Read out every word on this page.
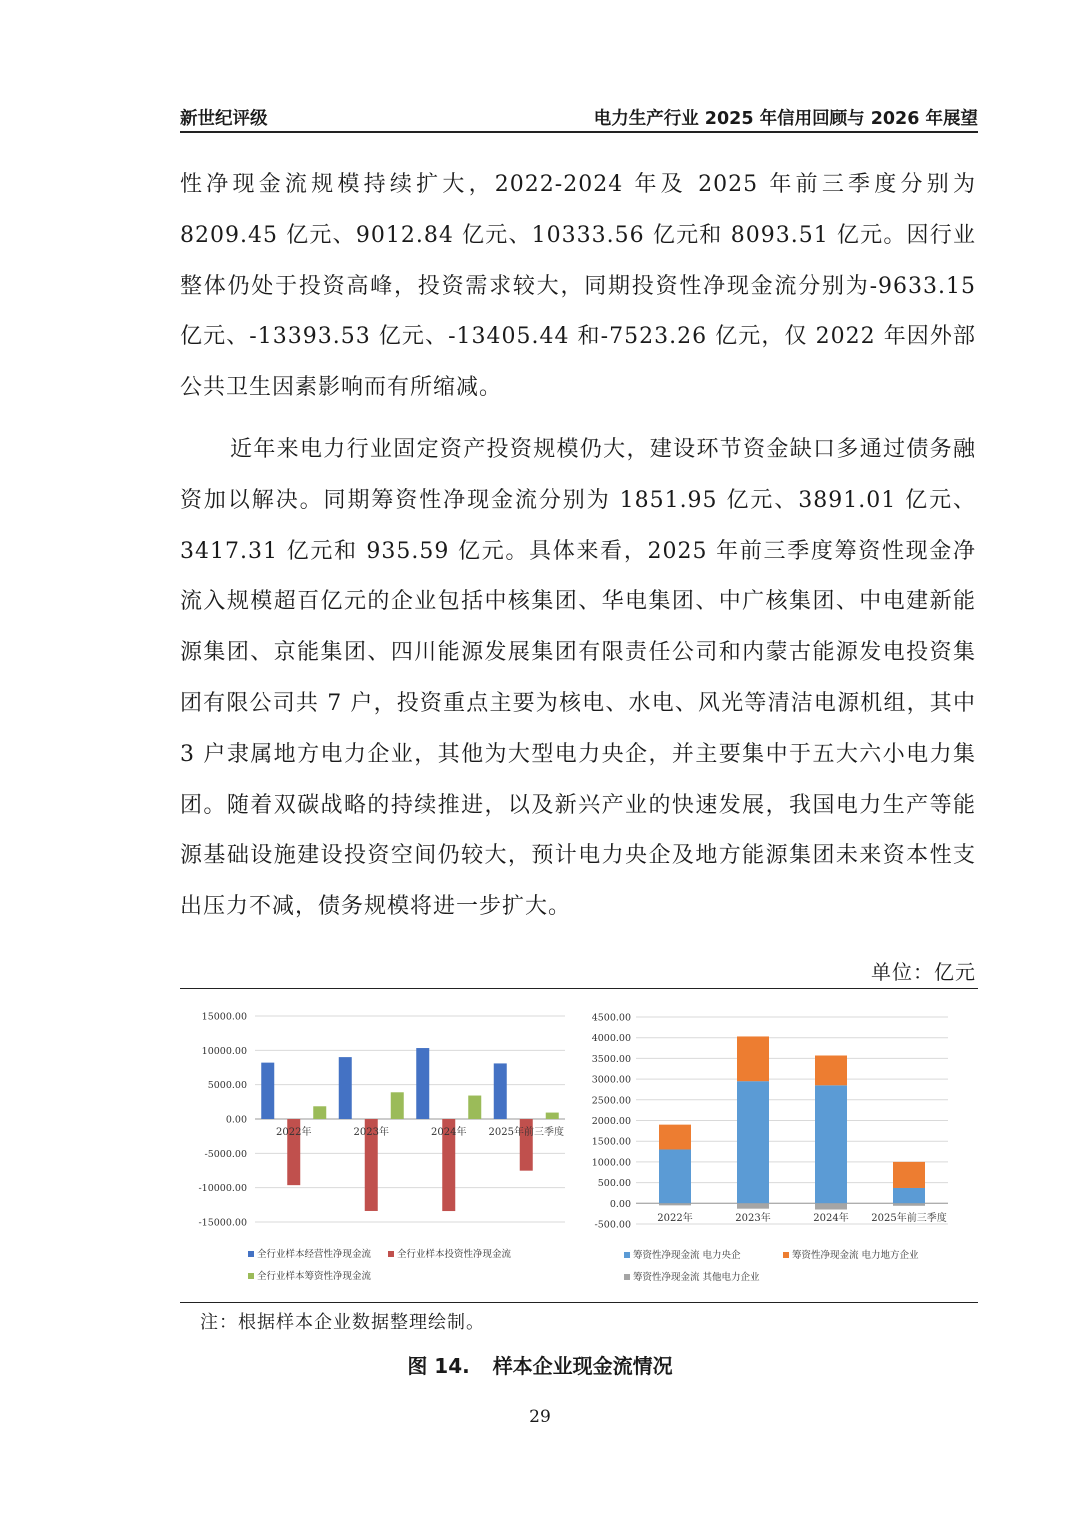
新世纪评级	电力生产行业 2025 年信用回顾与 2026 年展望

性净现金流规模持续扩大，2022-2024 年及 2025 年前三季度分别为 8209.45 亿元、9012.84 亿元、10333.56 亿元和 8093.51 亿元。因行业整体仍处于投资高峰，投资需求较大，同期投资性净现金流分别为-9633.15 亿元、-13393.53 亿元、-13405.44 和-7523.26 亿元，仅 2022 年因外部公共卫生因素影响而有所缩减。

近年来电力行业固定资产投资规模仍大，建设环节资金缺口多通过债务融资加以解决。同期筹资性净现金流分别为 1851.95 亿元、3891.01 亿元、3417.31 亿元和 935.59 亿元。具体来看，2025 年前三季度筹资性现金净流入规模超百亿元的企业包括中核集团、华电集团、中广核集团、中电建新能源集团、京能集团、四川能源发展集团有限责任公司和内蒙古能源发电投资集团有限公司共 7 户，投资重点主要为核电、水电、风光等清洁电源机组，其中 3 户隶属地方电力企业，其他为大型电力央企，并主要集中于五大六小电力集团。随着双碳战略的持续推进，以及新兴产业的快速发展，我国电力生产等能源基础设施建设投资空间仍较大，预计电力央企及地方能源集团未来资本性支出压力不减，债务规模将进一步扩大。

单位：亿元
15000.00
10000.00
5000.00
0.00
-5000.00
-10000.00
-15000.00
2022年	2023年	2024年 2025年前三季度
全行业样本经营性净现金流	全行业样本投资性净现金流
全行业样本筹资性净现金流
4500.00
4000.00
3500.00
3000.00
2500.00
2000.00
1500.00
1000.00
500.00
0.00
-500.00
2022年	2023年	2024年 2025年前三季度
筹资性净现金流 电力央企	筹资性净现金流 电力地方企业
筹资性净现金流 其他电力企业
注：根据样本企业数据整理绘制。
图 14. 样本企业现金流情况
29
